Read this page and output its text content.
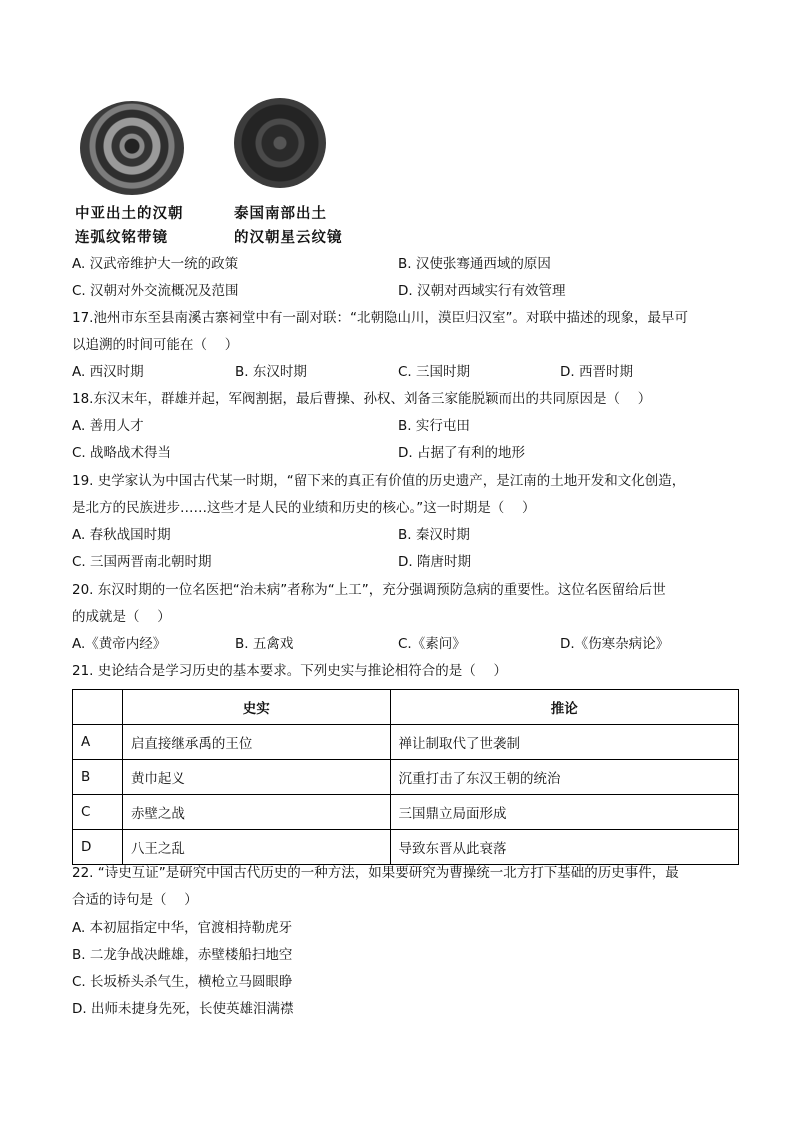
中亚出土的汉朝
连弧纹铭带镜
泰国南部出土
的汉朝星云纹镜
A. 汉武帝维护大一统的政策	B. 汉使张骞通西域的原因
C. 汉朝对外交流概况及范围	D. 汉朝对西域实行有效管理
17.池州市东至县南溪古寨祠堂中有一副对联：“北朝隐山川，漠臣归汉室”。对联中描述的现象，最早可
以追溯的时间可能在（　 ）
A. 西汉时期	B. 东汉时期	C. 三国时期	D. 西晋时期
18.东汉末年，群雄并起，军阀割据，最后曹操、孙权、刘备三家能脱颖而出的共同原因是（　 ）
A. 善用人才	B. 实行屯田
C. 战略战术得当	D. 占据了有利的地形
19. 史学家认为中国古代某一时期，“留下来的真正有价值的历史遗产，是江南的土地开发和文化创造，
是北方的民族进步……这些才是人民的业绩和历史的核心。”这一时期是（　 ）
A. 春秋战国时期	B. 秦汉时期
C. 三国两晋南北朝时期	D. 隋唐时期
20. 东汉时期的一位名医把“治未病”者称为“上工”，充分强调预防急病的重要性。这位名医留给后世
的成就是（　 ）
A.《黄帝内经》	B. 五禽戏	C.《素问》	D.《伤寒杂病论》
21. 史论结合是学习历史的基本要求。下列史实与推论相符合的是（　 ）
	史实	推论
A	启直接继承禹的王位	禅让制取代了世袭制
B	黄巾起义	沉重打击了东汉王朝的统治
C	赤壁之战	三国鼎立局面形成
D	八王之乱	导致东晋从此衰落
22. “诗史互证”是研究中国古代历史的一种方法，如果要研究为曹操统一北方打下基础的历史事件，最
合适的诗句是（　 ）
A. 本初屈指定中华，官渡相持勒虎牙
B. 二龙争战决雌雄，赤壁楼船扫地空
C. 长坂桥头杀气生，横枪立马圆眼睁
D. 出师未捷身先死，长使英雄泪满襟
